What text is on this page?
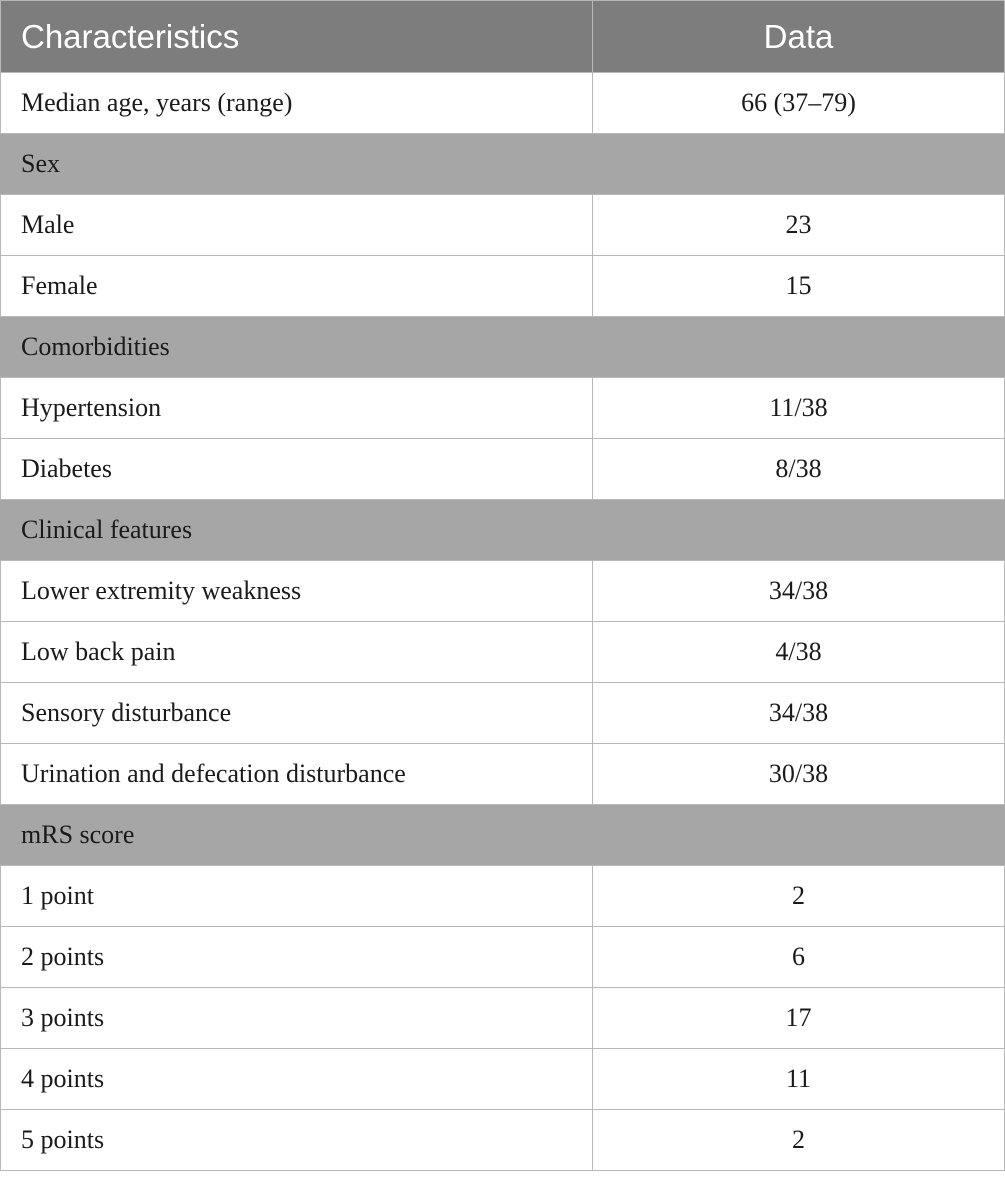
Characteristics	Data
Median age, years (range)	66 (37–79)
Sex	
Male	23
Female	15
Comorbidities	
Hypertension	11/38
Diabetes	8/38
Clinical features	
Lower extremity weakness	34/38
Low back pain	4/38
Sensory disturbance	34/38
Urination and defecation disturbance	30/38
mRS score	
1 point	2
2 points	6
3 points	17
4 points	11
5 points	2
